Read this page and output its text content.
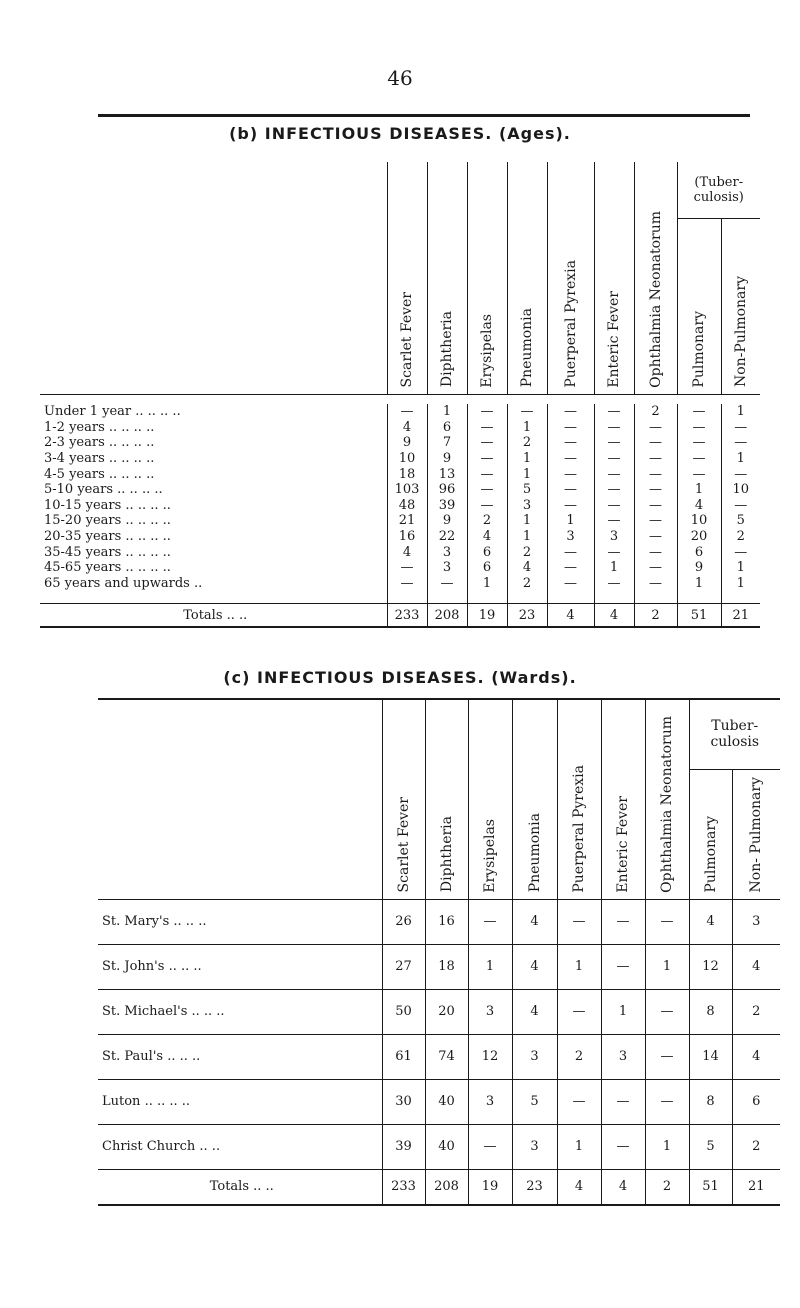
46
(b) INFECTIOUS DISEASES. (Ages).

	Scarlet Fever	Diphtheria	Erysipelas	Pneumonia	Puerperal Pyrexia	Enteric Fever	Ophthalmia Neonatorum	(Tuber- culosis)	

								Pulmonary	Non-Pulmonary

Under 1 year .. .. .. ..	—	1	—	—	—	—	2	—	1
1-2 years .. .. .. ..	4	6	—	1	—	—	—	—	—
2-3 years .. .. .. ..	9	7	—	2	—	—	—	—	—
3-4 years .. .. .. ..	10	9	—	1	—	—	—	—	1
4-5 years .. .. .. ..	18	13	—	1	—	—	—	—	—
5-10 years .. .. .. ..	103	96	—	5	—	—	—	1	10
10-15 years .. .. .. ..	48	39	—	3	—	—	—	4	—
15-20 years .. .. .. ..	21	9	2	1	1	—	—	10	5
20-35 years .. .. .. ..	16	22	4	1	3	3	—	20	2
35-45 years .. .. .. ..	4	3	6	2	—	—	—	6	—
45-65 years .. .. .. ..	—	3	6	4	—	1	—	9	1
65 years and upwards ..	—	—	1	2	—	—	—	1	1

Totals .. ..	233	208	19	23	4	4	2	51	21
(c) INFECTIOUS DISEASES. (Wards).

	Scarlet Fever	Diphtheria	Erysipelas	Pneumonia	Puerperal Pyrexia	Enteric Fever	Ophthalmia Neonatorum	Tuber- culosis	

								Pulmonary	Non- Pulmonary

St. Mary's .. .. ..	26	16	—	4	—	—	—	4	3
St. John's .. .. ..	27	18	1	4	1	—	1	12	4
St. Michael's .. .. ..	50	20	3	4	—	1	—	8	2
St. Paul's .. .. ..	61	74	12	3	2	3	—	14	4
Luton .. .. .. ..	30	40	3	5	—	—	—	8	6
Christ Church .. ..	39	40	—	3	1	—	1	5	2
Totals .. ..	233	208	19	23	4	4	2	51	21
